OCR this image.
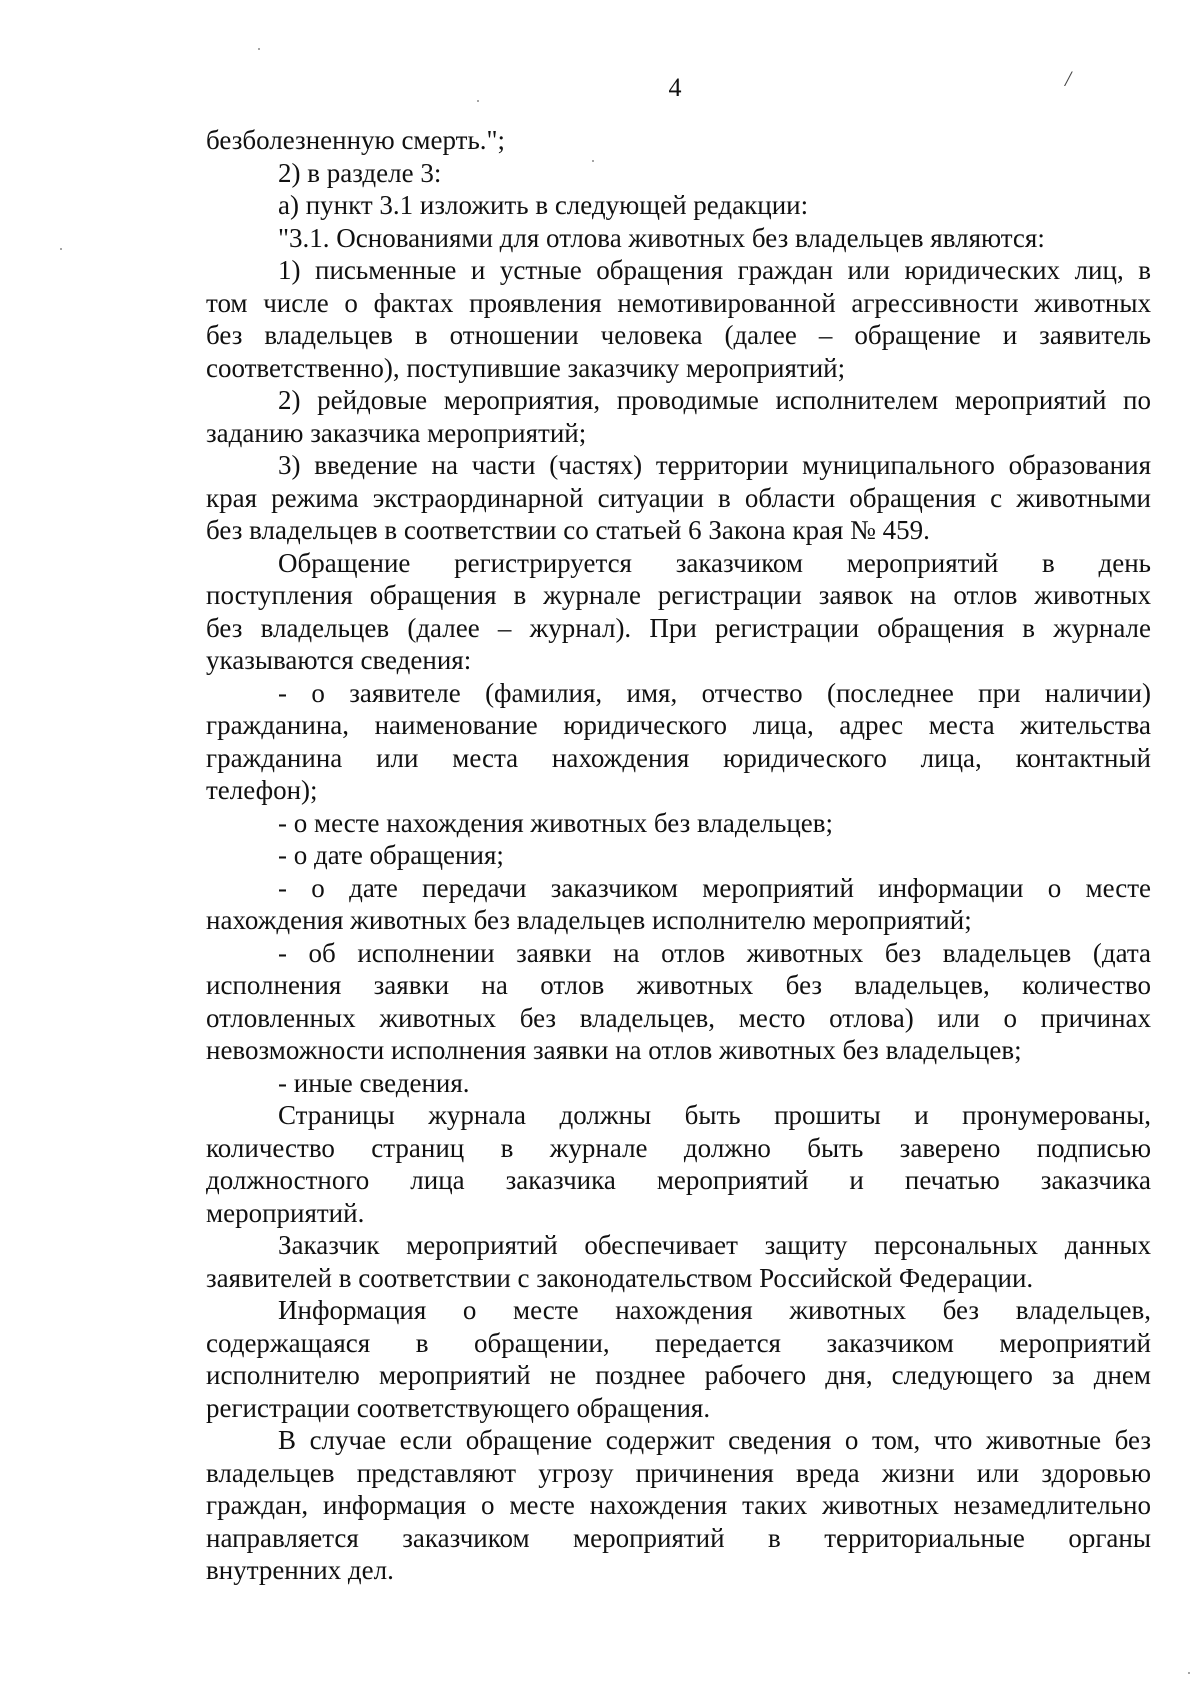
4	/
безболезненную смерть.";
2) в разделе 3:
а) пункт 3.1 изложить в следующей редакции:
"3.1. Основаниями для отлова животных без владельцев являются:
1) письменные и устные обращения граждан или юридических лиц, в
том числе о фактах проявления немотивированной агрессивности животных
без владельцев в отношении человека (далее – обращение и заявитель
соответственно), поступившие заказчику мероприятий;
2) рейдовые мероприятия, проводимые исполнителем мероприятий по
заданию заказчика мероприятий;
3) введение на части (частях) территории муниципального образования
края режима экстраординарной ситуации в области обращения с животными
без владельцев в соответствии со статьей 6 Закона края № 459.
Обращение регистрируется заказчиком мероприятий в день
поступления обращения в журнале регистрации заявок на отлов животных
без владельцев (далее – журнал). При регистрации обращения в журнале
указываются сведения:
- о заявителе (фамилия, имя, отчество (последнее при наличии)
гражданина, наименование юридического лица, адрес места жительства
гражданина или места нахождения юридического лица, контактный
телефон);
- о месте нахождения животных без владельцев;
- о дате обращения;
- о дате передачи заказчиком мероприятий информации о месте
нахождения животных без владельцев исполнителю мероприятий;
- об исполнении заявки на отлов животных без владельцев (дата
исполнения заявки на отлов животных без владельцев, количество
отловленных животных без владельцев, место отлова) или о причинах
невозможности исполнения заявки на отлов животных без владельцев;
- иные сведения.
Страницы журнала должны быть прошиты и пронумерованы,
количество страниц в журнале должно быть заверено подписью
должностного лица заказчика мероприятий и печатью заказчика
мероприятий.
Заказчик мероприятий обеспечивает защиту персональных данных
заявителей в соответствии с законодательством Российской Федерации.
Информация о месте нахождения животных без владельцев,
содержащаяся в обращении, передается заказчиком мероприятий
исполнителю мероприятий не позднее рабочего дня, следующего за днем
регистрации соответствующего обращения.
В случае если обращение содержит сведения о том, что животные без
владельцев представляют угрозу причинения вреда жизни или здоровью
граждан, информация о месте нахождения таких животных незамедлительно
направляется заказчиком мероприятий в территориальные органы
внутренних дел.
